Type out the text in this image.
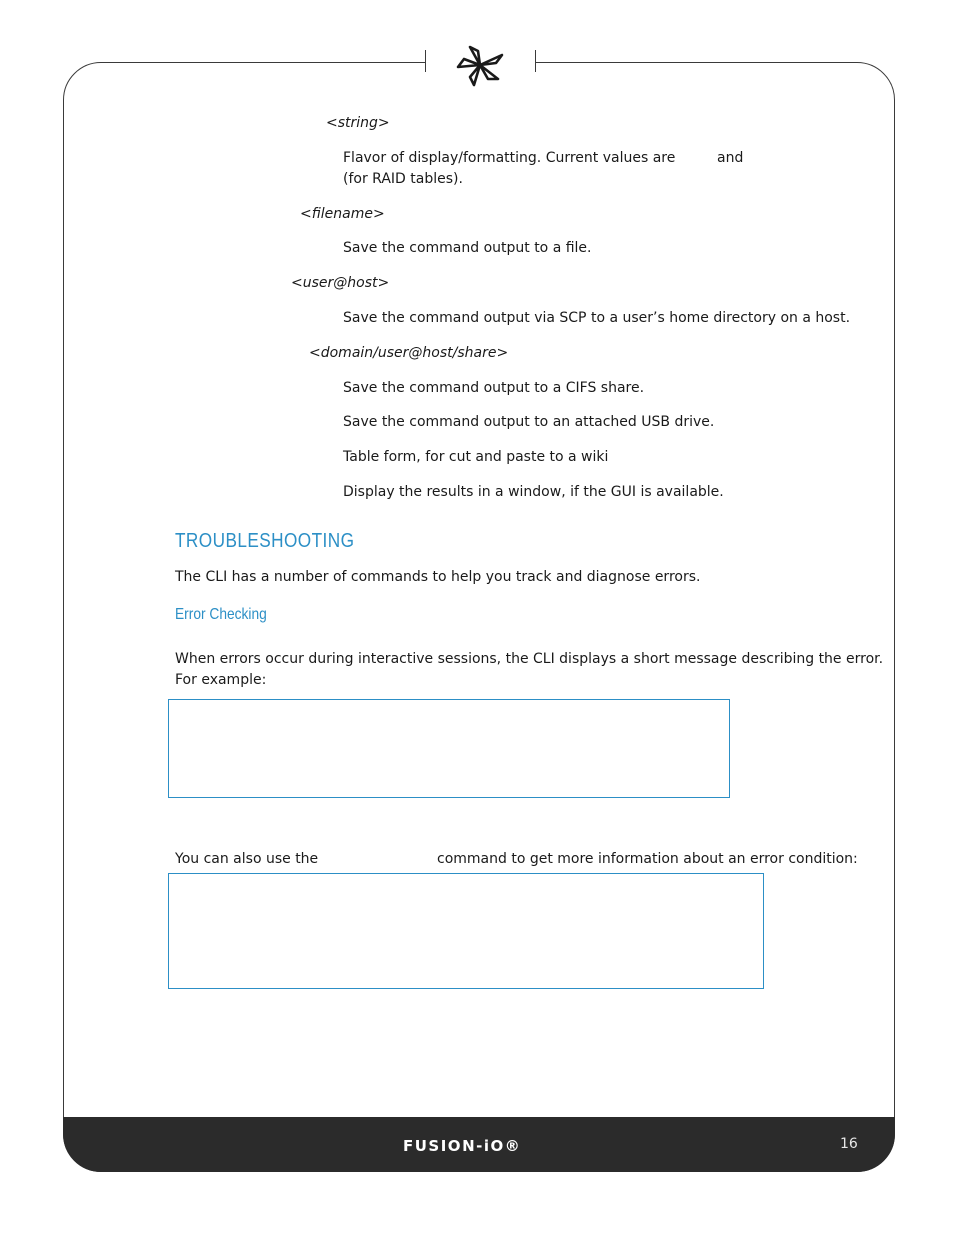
<string>
Flavor of display/formatting. Current values are	and
(for RAID tables).
<filename>
Save the command output to a file.
<user@host>
Save the command output via SCP to a user’s home directory on a host.
<domain/user@host/share>
Save the command output to a CIFS share.
Save the command output to an attached USB drive.
Table form, for cut and paste to a wiki
Display the results in a window, if the GUI is available.
TROUBLESHOOTING
The CLI has a number of commands to help you track and diagnose errors.
Error Checking
When errors occur during interactive sessions, the CLI displays a short message describing the error.
For example:
You can also use the	command to get more information about an error condition:
FUSION-iO®	16
